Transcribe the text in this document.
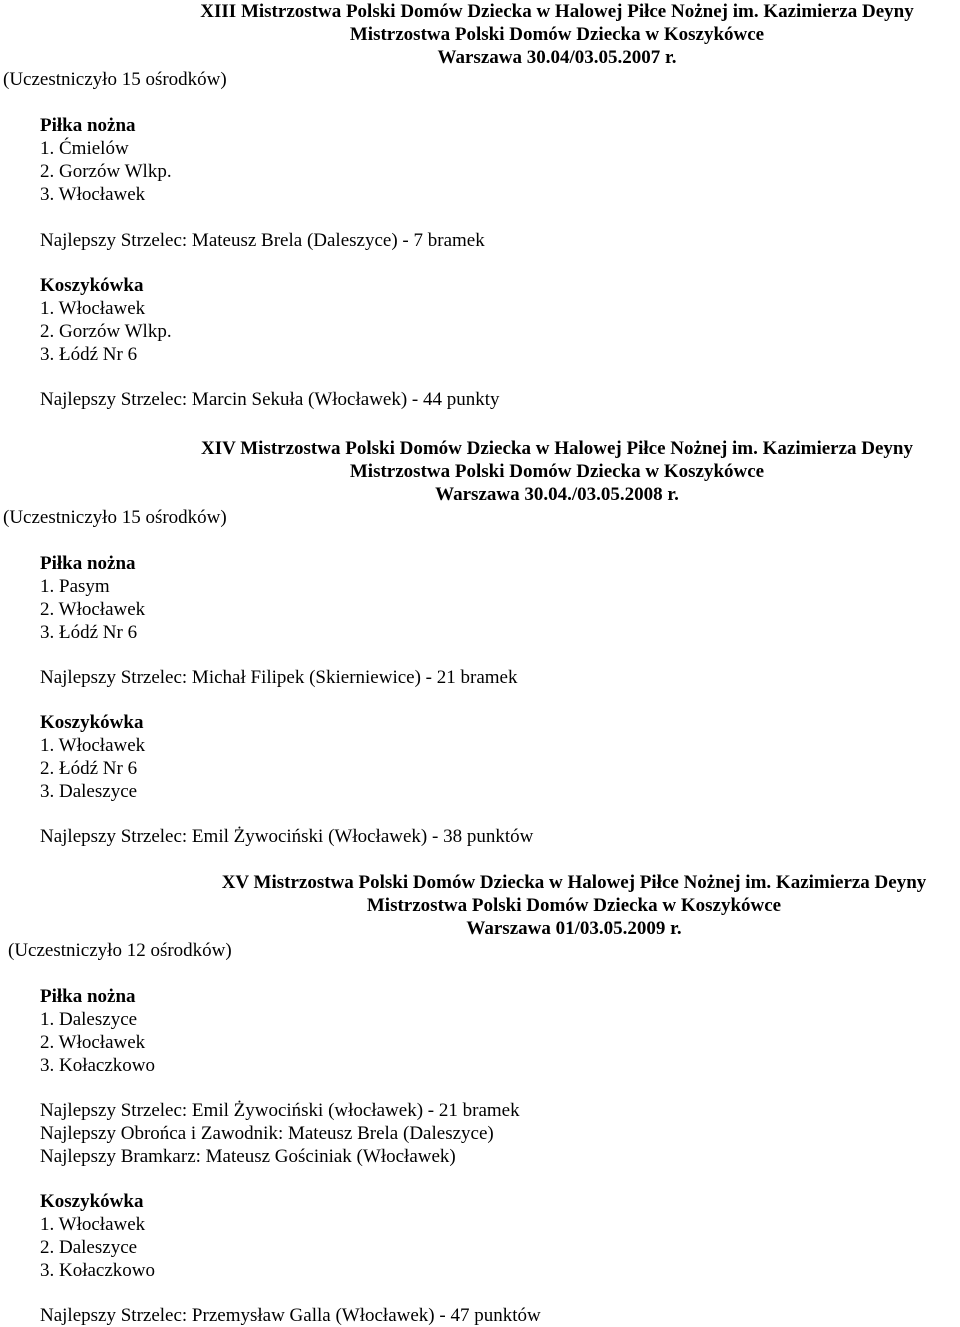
XIII Mistrzostwa Polski Domów Dziecka w Halowej Piłce Nożnej im. Kazimierza Deyny
Mistrzostwa Polski Domów Dziecka w Koszykówce
Warszawa 30.04/03.05.2007 r.
(Uczestniczyło 15 ośrodków)
Piłka nożna
1. Ćmielów
2. Gorzów Wlkp.
3. Włocławek
Najlepszy Strzelec: Mateusz Brela (Daleszyce) - 7 bramek
Koszykówka
1. Włocławek
2. Gorzów Wlkp.
3. Łódź Nr 6
Najlepszy Strzelec: Marcin Sekuła (Włocławek) - 44 punkty
XIV Mistrzostwa Polski Domów Dziecka w Halowej Piłce Nożnej im. Kazimierza Deyny
Mistrzostwa Polski Domów Dziecka w Koszykówce
Warszawa 30.04./03.05.2008 r.
(Uczestniczyło 15 ośrodków)
Piłka nożna
1. Pasym
2. Włocławek
3. Łódź Nr 6
Najlepszy Strzelec: Michał Filipek (Skierniewice) - 21 bramek
Koszykówka
1. Włocławek
2. Łódź Nr 6
3. Daleszyce
Najlepszy Strzelec: Emil Żywociński (Włocławek) - 38 punktów
XV Mistrzostwa Polski Domów Dziecka w Halowej Piłce Nożnej im. Kazimierza Deyny
Mistrzostwa Polski Domów Dziecka w Koszykówce
Warszawa 01/03.05.2009 r.
(Uczestniczyło 12 ośrodków)
Piłka nożna
1. Daleszyce
2. Włocławek
3. Kołaczkowo
Najlepszy Strzelec: Emil Żywociński (włocławek) - 21 bramek
Najlepszy Obrońca i Zawodnik: Mateusz Brela (Daleszyce)
Najlepszy Bramkarz: Mateusz Gościniak (Włocławek)
Koszykówka
1. Włocławek
2. Daleszyce
3. Kołaczkowo
Najlepszy Strzelec: Przemysław Galla (Włocławek) - 47 punktów
